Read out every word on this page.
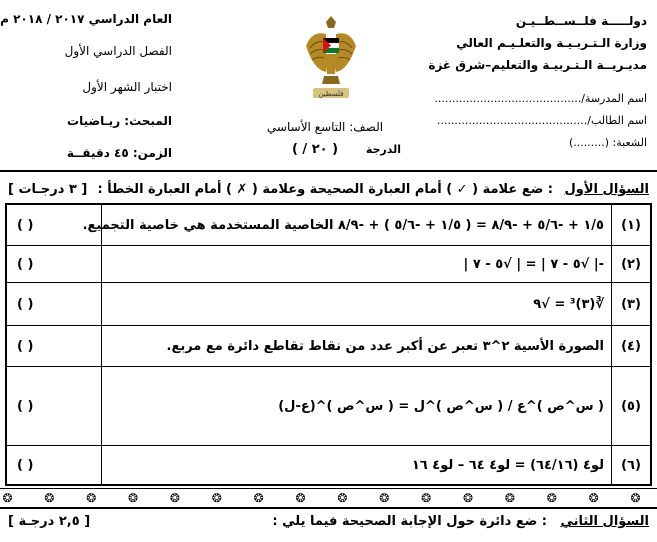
دولـــــة فلــســطــيـن
وزارة الـتـربـيـة والتعلـيـم العالي
مديـريــة الـتـربيـة والتعليم–شرق غزة
اسم المدرسة/..........................................
اسم الطالب/...........................................
الشعبة: (.........)
العام الدراسي ٢٠١٧ / ٢٠١٨ م
الفصل الدراسي الأول
اختبار الشهر الأول
المبحث: ريـاضيات
الزمن: ٤٥ دقيقــة
فلسطين
الصف: التاسع الأساسي
الدرجة
( / ٢٠ )
السؤال الأول
: ضع علامة ( ✓ ) أمام العبارة الصحيحة وعلامة ( ✗ ) أمام العبارة الخطأ :
[ ٣ درجـات ]
(١)
١/٥ + -٥/٦ + -٨/٩ = ( ١/٥ + -٥/٦ ) + -٨/٩ الخاصية المستخدمة هي خاصية التجميع.
( )
(٢)
-| √٥ - ٧ | = | √٥ - ٧ |
( )
(٣)
∛(٣)³ = √٩
( )
(٤)
الصورة الأسية ٢^٣ تعبر عن أكبر عدد من نقاط تقاطع دائرة مع مربع.
( )
(٥)
( س^ص )^ع / ( س^ص )^ل = ( س^ص )^(ع-ل)
( )
(٦)
لو٤ (٦٤/١٦) = لو٤ ٦٤ – لو٤ ١٦
( )
❂ ❂ ❂ ❂ ❂ ❂ ❂ ❂ ❂ ❂ ❂ ❂ ❂ ❂ ❂ ❂
السؤال الثاني
: ضع دائرة حول الإجابة الصحيحة فيما يلي :
[ ٢,٥ درجـة ]
